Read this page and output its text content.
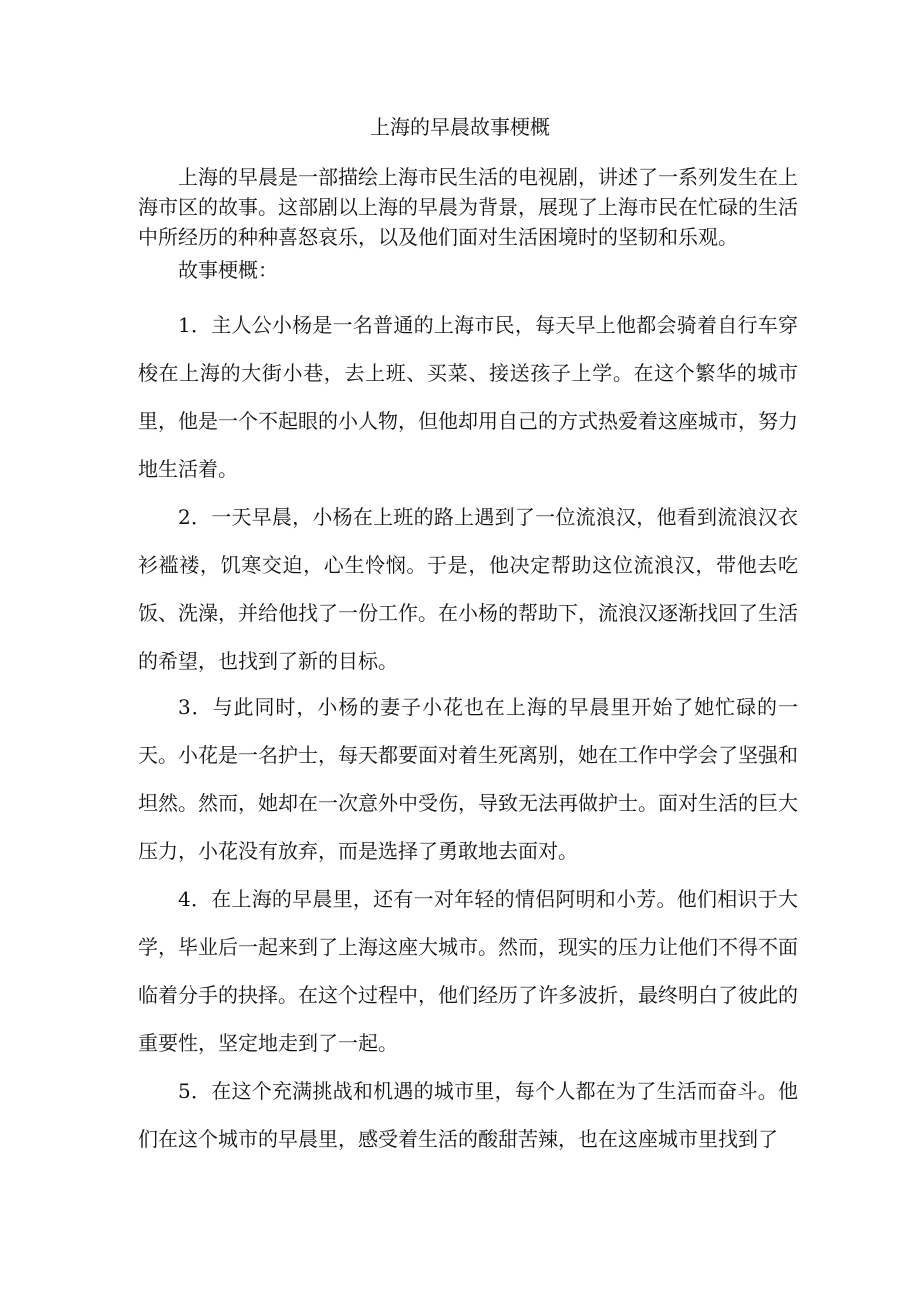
上海的早晨故事梗概

上海的早晨是一部描绘上海市民生活的电视剧，讲述了一系列发生在上海市区的故事。这部剧以上海的早晨为背景，展现了上海市民在忙碌的生活中所经历的种种喜怒哀乐，以及他们面对生活困境时的坚韧和乐观。

故事梗概：

1．主人公小杨是一名普通的上海市民，每天早上他都会骑着自行车穿梭在上海的大街小巷，去上班、买菜、接送孩子上学。在这个繁华的城市里，他是一个不起眼的小人物，但他却用自己的方式热爱着这座城市，努力地生活着。

2．一天早晨，小杨在上班的路上遇到了一位流浪汉，他看到流浪汉衣衫褴褛，饥寒交迫，心生怜悯。于是，他决定帮助这位流浪汉，带他去吃饭、洗澡，并给他找了一份工作。在小杨的帮助下，流浪汉逐渐找回了生活的希望，也找到了新的目标。

3．与此同时，小杨的妻子小花也在上海的早晨里开始了她忙碌的一天。小花是一名护士，每天都要面对着生死离别，她在工作中学会了坚强和坦然。然而，她却在一次意外中受伤，导致无法再做护士。面对生活的巨大压力，小花没有放弃，而是选择了勇敢地去面对。

4．在上海的早晨里，还有一对年轻的情侣阿明和小芳。他们相识于大学，毕业后一起来到了上海这座大城市。然而，现实的压力让他们不得不面临着分手的抉择。在这个过程中，他们经历了许多波折，最终明白了彼此的重要性，坚定地走到了一起。

5．在这个充满挑战和机遇的城市里，每个人都在为了生活而奋斗。他们在这个城市的早晨里，感受着生活的酸甜苦辣，也在这座城市里找到了
